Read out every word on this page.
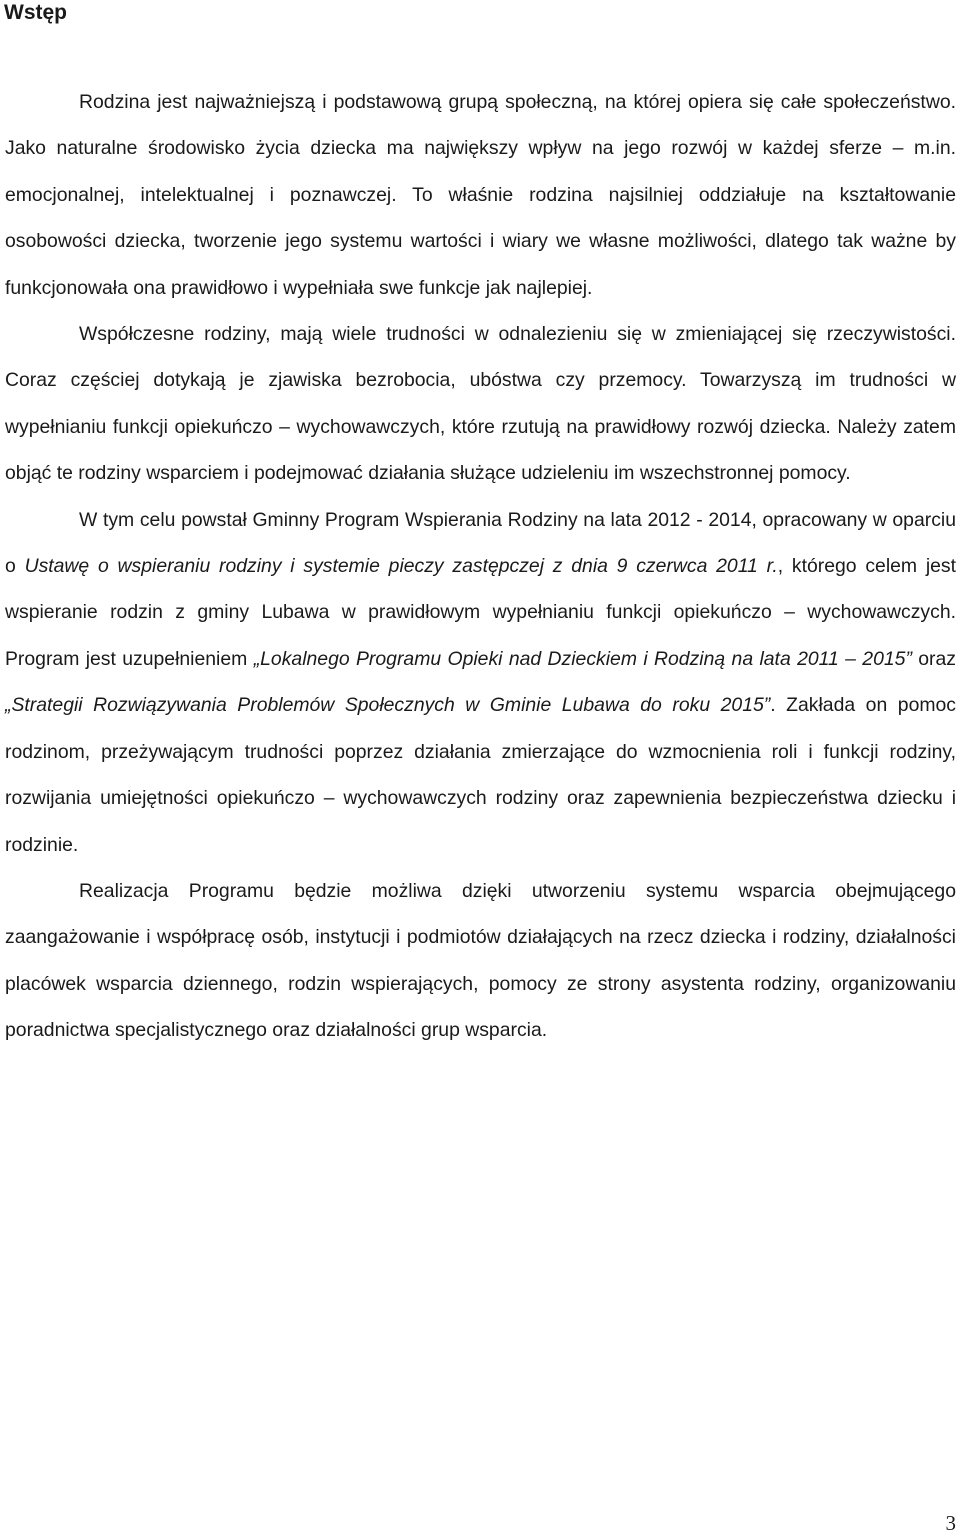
Wstęp

Rodzina jest najważniejszą i podstawową grupą społeczną, na której opiera się całe społeczeństwo. Jako naturalne środowisko życia dziecka ma największy wpływ na jego rozwój w każdej sferze – m.in. emocjonalnej, intelektualnej i poznawczej. To właśnie rodzina najsilniej oddziałuje na kształtowanie osobowości dziecka, tworzenie jego systemu wartości i wiary we własne możliwości, dlatego tak ważne by funkcjonowała ona prawidłowo i wypełniała swe funkcje jak najlepiej.

Współczesne rodziny, mają wiele trudności w odnalezieniu się w zmieniającej się rzeczywistości. Coraz częściej dotykają je zjawiska bezrobocia, ubóstwa czy przemocy. Towarzyszą im trudności w wypełnianiu funkcji opiekuńczo – wychowawczych, które rzutują na prawidłowy rozwój dziecka. Należy zatem objąć te rodziny wsparciem i podejmować działania służące udzieleniu im wszechstronnej pomocy.

W tym celu powstał Gminny Program Wspierania Rodziny na lata 2012 - 2014, opracowany w oparciu o Ustawę o wspieraniu rodziny i systemie pieczy zastępczej z dnia 9 czerwca 2011 r., którego celem jest wspieranie rodzin z gminy Lubawa w prawidłowym wypełnianiu funkcji opiekuńczo – wychowawczych. Program jest uzupełnieniem „Lokalnego Programu Opieki nad Dzieckiem i Rodziną na lata 2011 – 2015” oraz „Strategii Rozwiązywania Problemów Społecznych w Gminie Lubawa do roku 2015”. Zakłada on pomoc rodzinom, przeżywającym trudności poprzez działania zmierzające do wzmocnienia roli i funkcji rodziny, rozwijania umiejętności opiekuńczo – wychowawczych rodziny oraz zapewnienia bezpieczeństwa dziecku i rodzinie.

Realizacja Programu będzie możliwa dzięki utworzeniu systemu wsparcia obejmującego zaangażowanie i współpracę osób, instytucji i podmiotów działających na rzecz dziecka i rodziny, działalności placówek wsparcia dziennego, rodzin wspierających, pomocy ze strony asystenta rodziny, organizowaniu poradnictwa specjalistycznego oraz działalności grup wsparcia.

3
